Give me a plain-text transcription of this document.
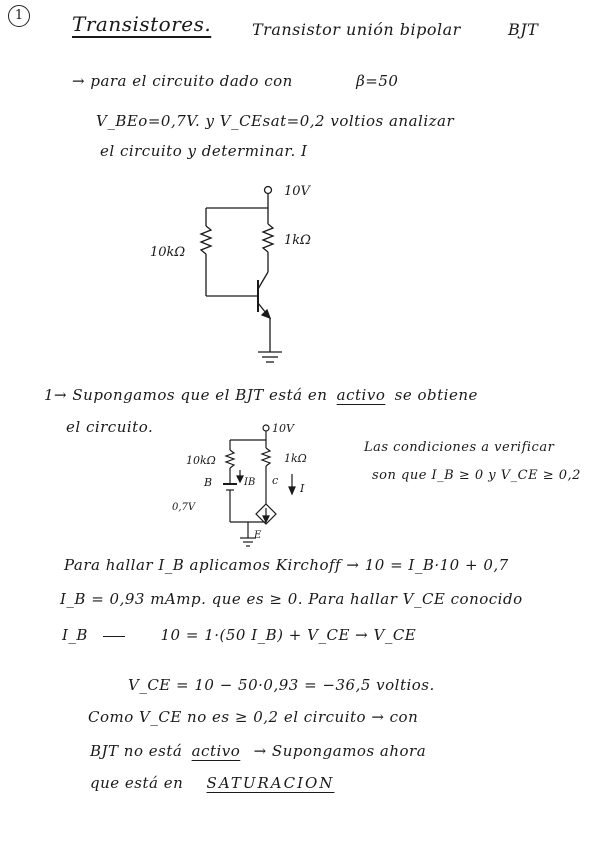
1	Transistores.	Transistor unión bipolar	BJT
→ para el circuito dado con	β=50
V_BEo=0,7V. y V_CEsat=0,2 voltios analizar
el circuito y determinar. I
10V
10kΩ
1kΩ
1→ Supongamos que el BJT está en activo se obtiene
el circuito.	10V
10kΩ	1kΩ
B	IB c
I
0,7V
E
Las condiciones a verificar
son que I_B ≥ 0 y V_CE ≥ 0,2
Para hallar I_B aplicamos Kirchoff → 10 = I_B·10 + 0,7
I_B = 0,93 mAmp. que es ≥ 0. Para hallar V_CE conocido
I_B	10 = 1·(50 I_B) + V_CE → V_CE
V_CE = 10 − 50·0,93 = −36,5 voltios.
Como V_CE no es ≥ 0,2 el circuito → con
BJT no está activo → Supongamos ahora
que está en SATURACION
